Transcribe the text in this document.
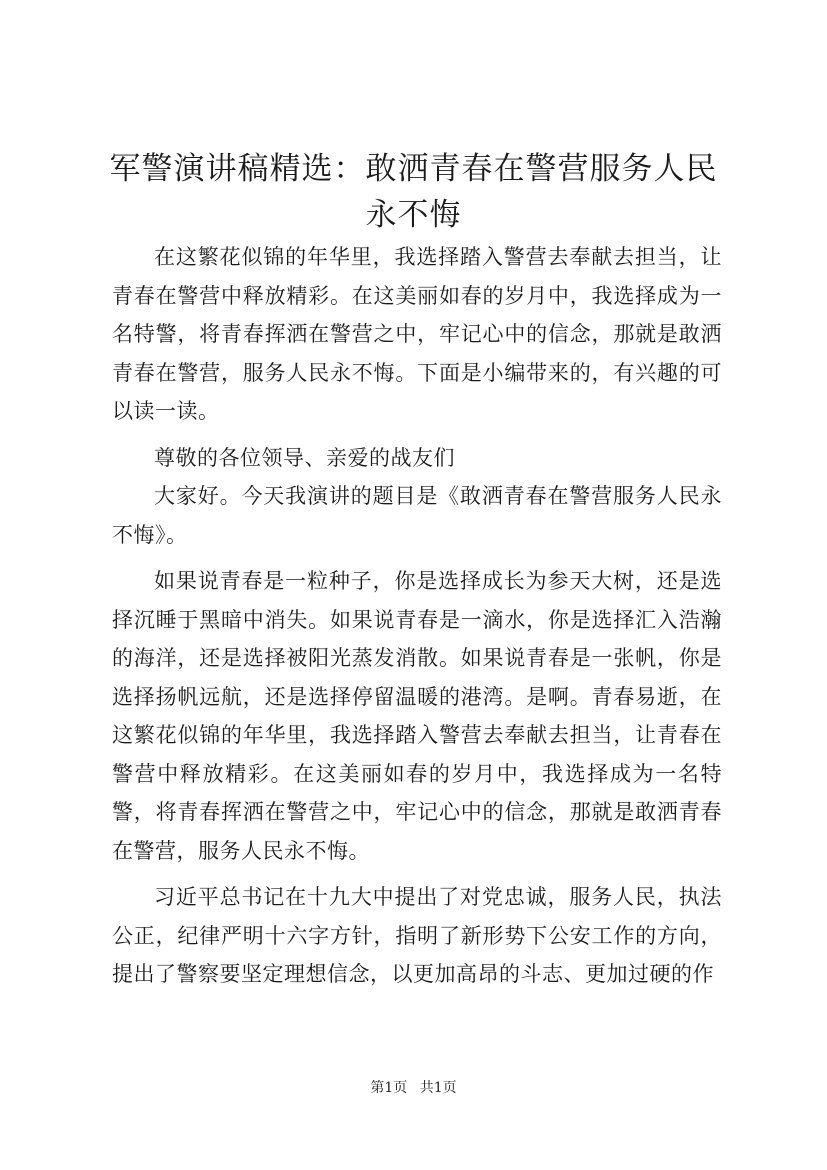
军警演讲稿精选：敢洒青春在警营服务人民永不悔

在这繁花似锦的年华里，我选择踏入警营去奉献去担当，让青春在警营中释放精彩。在这美丽如春的岁月中，我选择成为一名特警，将青春挥洒在警营之中，牢记心中的信念，那就是敢洒青春在警营，服务人民永不悔。下面是小编带来的，有兴趣的可以读一读。

尊敬的各位领导、亲爱的战友们

大家好。今天我演讲的题目是《敢洒青春在警营服务人民永不悔》。

如果说青春是一粒种子，你是选择成长为参天大树，还是选择沉睡于黑暗中消失。如果说青春是一滴水，你是选择汇入浩瀚的海洋，还是选择被阳光蒸发消散。如果说青春是一张帆，你是选择扬帆远航，还是选择停留温暖的港湾。是啊。青春易逝，在这繁花似锦的年华里，我选择踏入警营去奉献去担当，让青春在警营中释放精彩。在这美丽如春的岁月中，我选择成为一名特警，将青春挥洒在警营之中，牢记心中的信念，那就是敢洒青春在警营，服务人民永不悔。

习近平总书记在十九大中提出了对党忠诚，服务人民，执法公正，纪律严明十六字方针，指明了新形势下公安工作的方向，提出了警察要坚定理想信念，以更加高昂的斗志、更加过硬的作

第1页 共1页
